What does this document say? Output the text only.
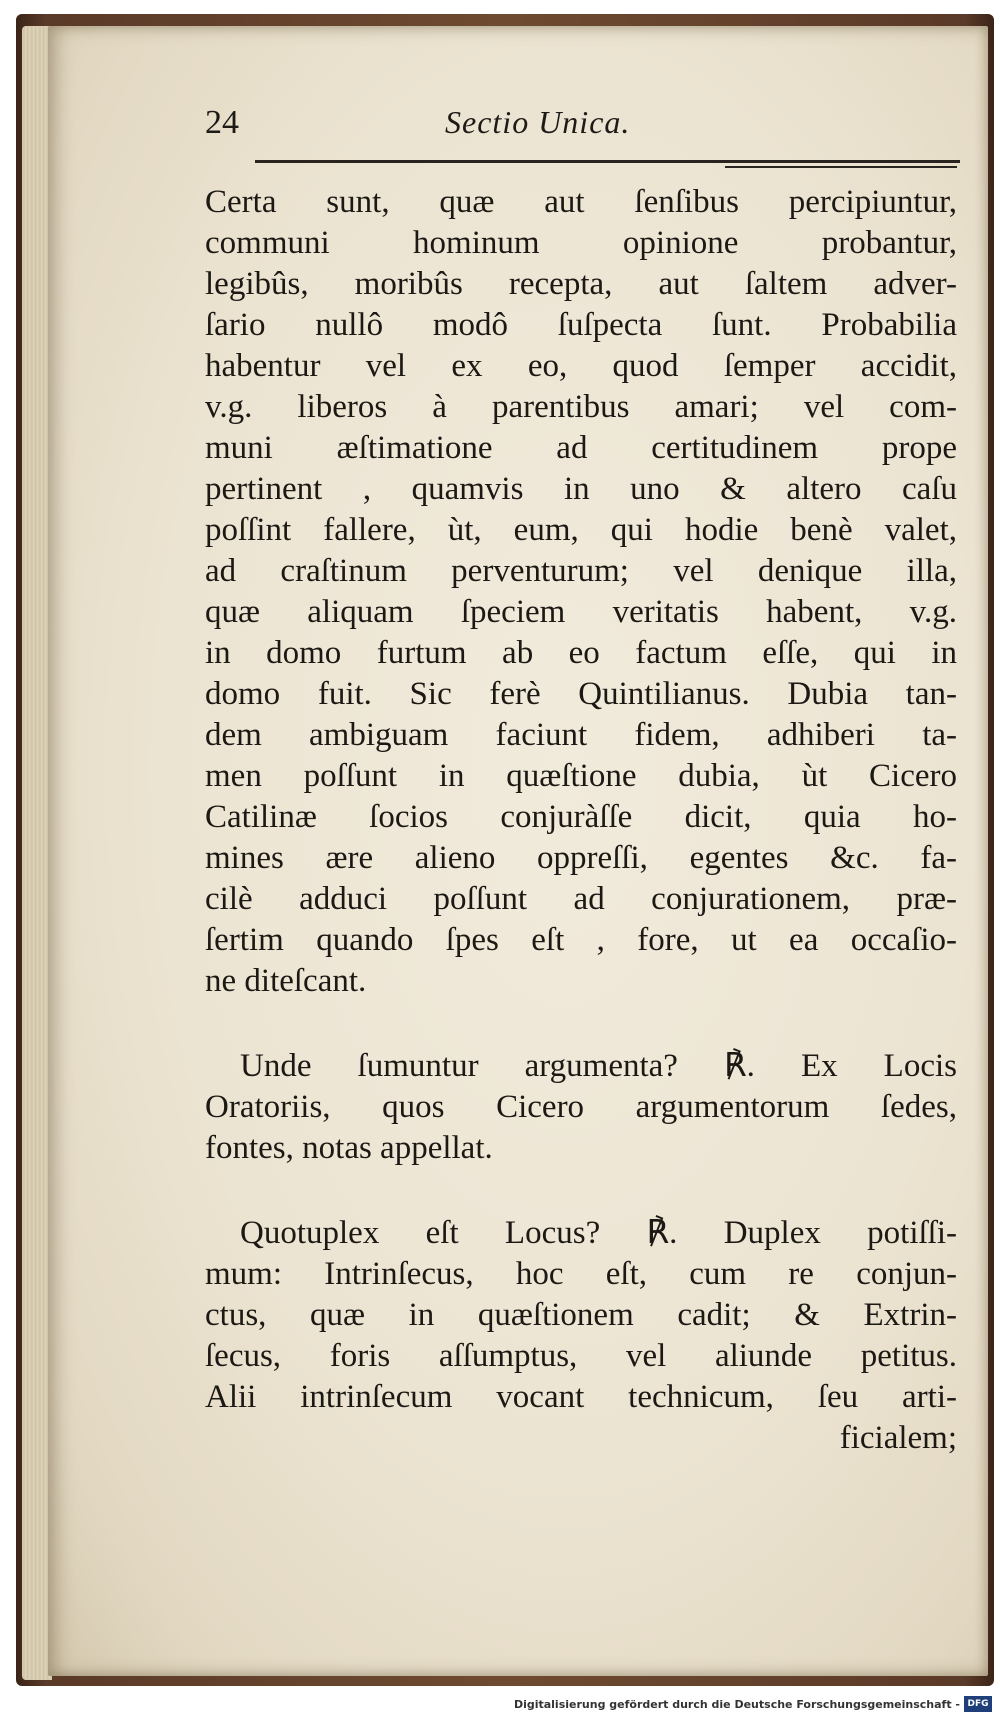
24	Sectio Unica.
Certa sunt, quæ aut ſenſibus percipiuntur,
communi hominum opinione probantur,
legibûs, moribûs recepta, aut ſaltem adver-
ſario nullô modô ſuſpecta ſunt. Probabilia
habentur vel ex eo, quod ſemper accidit,
v.g. liberos à parentibus amari; vel com-
muni æſtimatione ad certitudinem prope
pertinent , quamvis in uno & altero caſu
poſſint fallere, ùt, eum, qui hodie benè valet,
ad craſtinum perventurum; vel denique illa,
quæ aliquam ſpeciem veritatis habent, v.g.
in domo furtum ab eo factum eſſe, qui in
domo fuit. Sic ferè Quintilianus. Dubia tan-
dem ambiguam faciunt fidem, adhiberi ta-
men poſſunt in quæſtione dubia, ùt Cicero
Catilinæ ſocios conjuràſſe dicit, quia ho-
mines ære alieno oppreſſi, egentes &c. fa-
cilè adduci poſſunt ad conjurationem, præ-
ſertim quando ſpes eſt , fore, ut ea occaſio-
ne diteſcant.
Unde ſumuntur argumenta? ℟. Ex Locis
Oratoriis, quos Cicero argumentorum ſedes,
fontes, notas appellat.
Quotuplex eſt Locus? ℟. Duplex potiſſi-
mum: Intrinſecus, hoc eſt, cum re conjun-
ctus, quæ in quæſtionem cadit; & Extrin-
ſecus, foris aſſumptus, vel aliunde petitus.
Alii intrinſecum vocant technicum, ſeu arti-
ficialem;
Digitalisierung gefördert durch die Deutsche Forschungsgemeinschaft - DFG
